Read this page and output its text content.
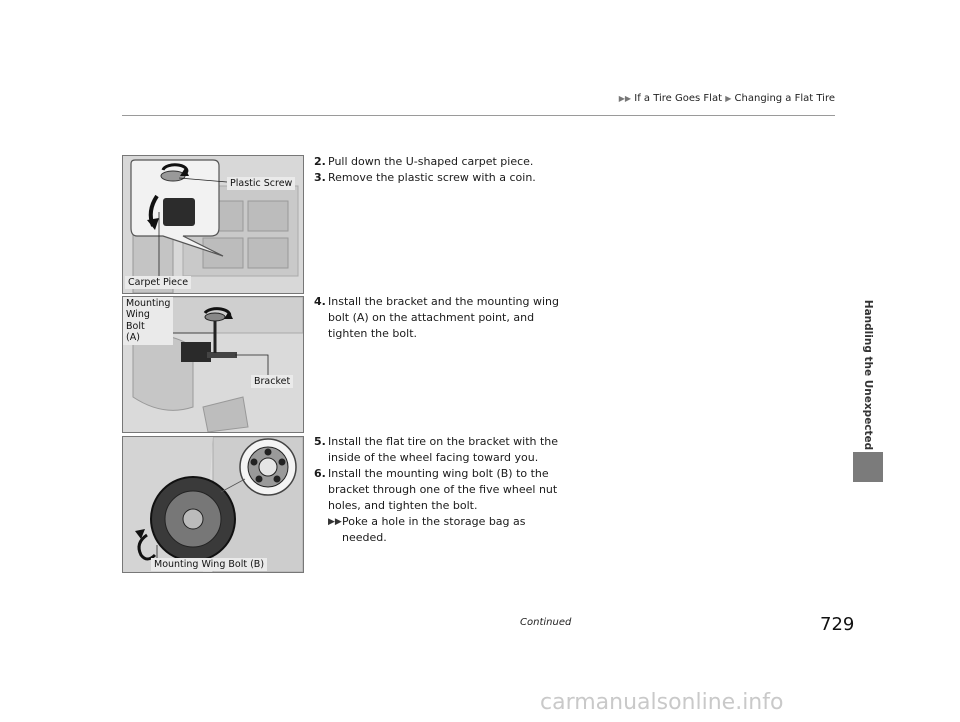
▶▶ If a Tire Goes Flat ▶ Changing a Flat Tire
Handling the Unexpected
Plastic Screw
Carpet Piece
Mounting
Wing Bolt
(A)
Bracket
Mounting Wing Bolt (B)
2. Pull down the U-shaped carpet piece.
3. Remove the plastic screw with a coin.
4. Install the bracket and the mounting wing bolt (A) on the attachment point, and tighten the bolt.
5. Install the flat tire on the bracket with the inside of the wheel facing toward you.
6. Install the mounting wing bolt (B) to the bracket through one of the five wheel nut holes, and tighten the bolt.
▶▶ Poke a hole in the storage bag as needed.
Continued	729
carmanualsonline.info
